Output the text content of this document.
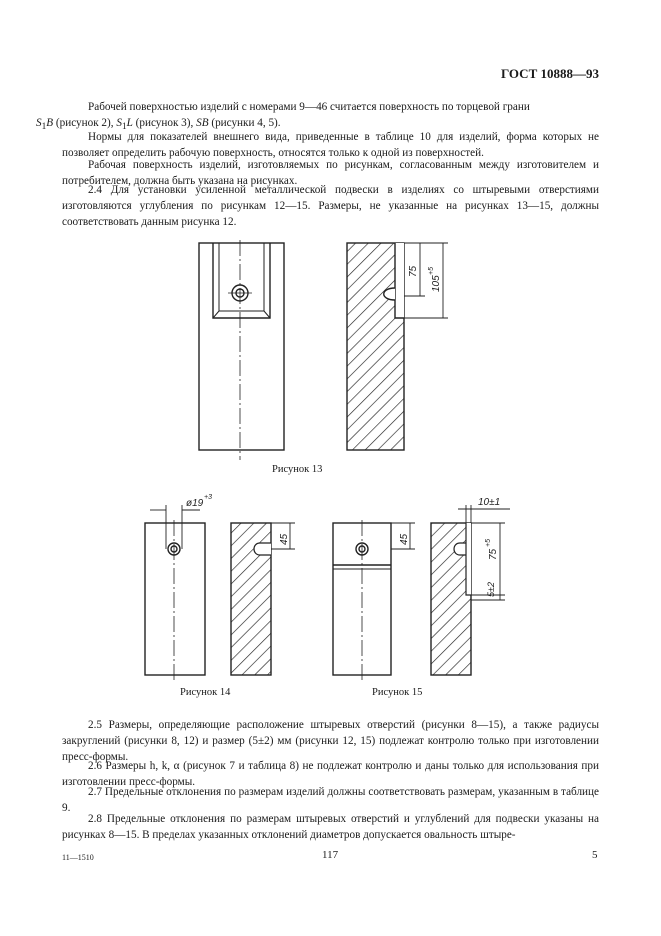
ГОСТ 10888—93

Рабочей поверхностью изделий с номерами 9—46 считается поверхность по торцевой грани
$S_1B$ (рисунок 2), $S_1L$ (рисунок 3), SB (рисунки 4, 5).

Нормы для показателей внешнего вида, приведенные в таблице 10 для изделий, форма которых не позволяет определить рабочую поверхность, относятся только к одной из поверхностей.

Рабочая поверхность изделий, изготовляемых по рисункам, согласованным между изготовителем и потребителем, должна быть указана на рисунках.

2.4 Для установки усиленной металлической подвески в изделиях со штыревыми отверстиями изготовляются углубления по рисункам 12—15. Размеры, не указанные на рисунках 13—15, должны соответствовать данным рисунка 12.

75
105
+5
ø19
+3
45	45
10±1
75
+5
5±2
Рисунок 13
Рисунок 14	Рисунок 15

2.5 Размеры, определяющие расположение штыревых отверстий (рисунки 8—15), а также радиусы закруглений (рисунки 8, 12) и размер (5±2) мм (рисунки 12, 15) подлежат контролю только при изготовлении пресс-формы.

2.6 Размеры h, k, α (рисунок 7 и таблица 8) не подлежат контролю и даны только для использования при изготовлении пресс-формы.

2.7 Предельные отклонения по размерам изделий должны соответствовать размерам, указанным в таблице 9.

2.8 Предельные отклонения по размерам штыревых отверстий и углублений для подвески указаны на рисунках 8—15. В пределах указанных отклонений диаметров допускается овальность штыре-

11—1510	117	5
